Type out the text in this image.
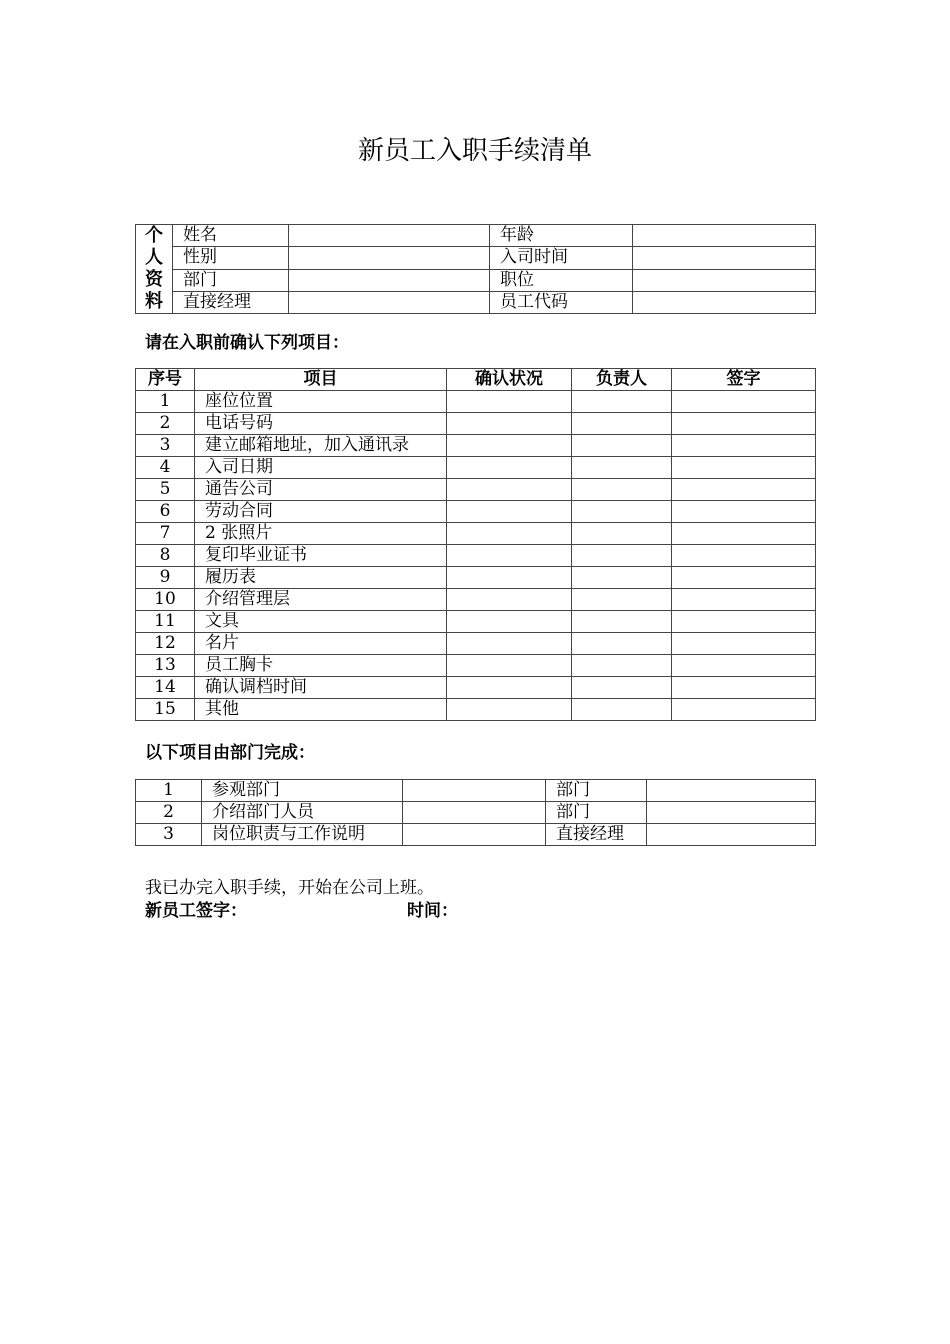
新员工入职手续清单
个
人
资
料	姓名		年龄	
	性别		入司时间	
	部门		职位	
	直接经理		员工代码	
请在入职前确认下列项目：
序号	项目	确认状况	负责人	签字
1	座位位置			
2	电话号码			
3	建立邮箱地址，加入通讯录			
4	入司日期			
5	通告公司			
6	劳动合同			
7	2 张照片			
8	复印毕业证书			
9	履历表			
10	介绍管理层			
11	文具			
12	名片			
13	员工胸卡			
14	确认调档时间			
15	其他			
以下项目由部门完成：
1	参观部门		部门	
2	介绍部门人员		部门	
3	岗位职责与工作说明		直接经理	
我已办完入职手续，开始在公司上班。
新员工签字：	时间：
